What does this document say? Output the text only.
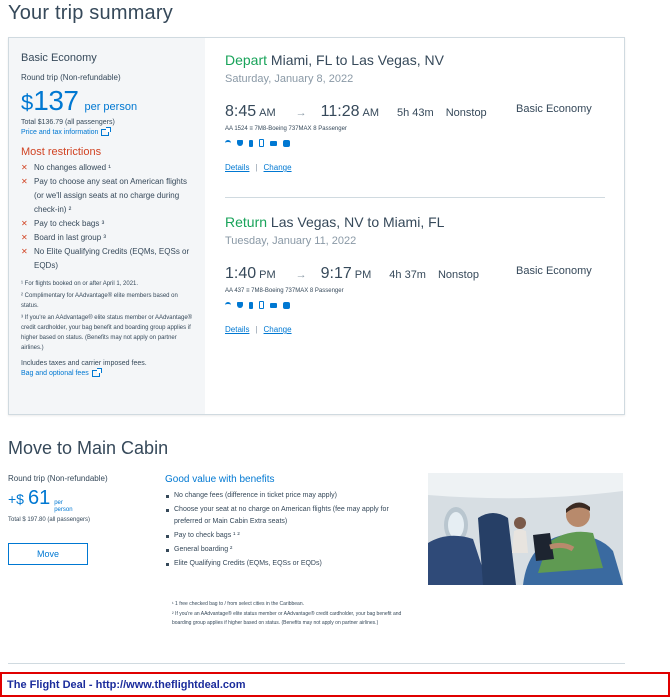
Your trip summary
Basic Economy
Round trip (Non-refundable)
$ 137 per person
Total $136.79 (all passengers)
Price and tax information
Most restrictions
✕ No changes allowed ¹
✕ Pay to choose any seat on American flights (or we'll assign seats at no charge during check-in) ²
✕ Pay to check bags ³
✕ Board in last group ³
✕ No Elite Qualifying Credits (EQMs, EQSs or EQDs)

¹ For flights booked on or after April 1, 2021.

² Complimentary for AAdvantage® elite members based on status.

³ If you're an AAdvantage® elite status member or AAdvantage® credit cardholder, your bag benefit and boarding group applies if higher based on status. (Benefits may not apply on partner airlines.)

Includes taxes and carrier imposed fees.
Bag and optional fees
Depart Miami, FL to Las Vegas, NV
Saturday, January 8, 2022
8:45 AM → 11:28 AM 5h 43m Nonstop	Basic Economy
AA 1524 ≡ 7M8-Boeing 737MAX 8 Passenger
Details | Change
Return Las Vegas, NV to Miami, FL
Tuesday, January 11, 2022
1:40 PM → 9:17 PM 4h 37m Nonstop	Basic Economy
AA 437 ≡ 7M8-Boeing 737MAX 8 Passenger
Details | Change
Move to Main Cabin
Round trip (Non-refundable)
+$ 61 per
person
Total $ 197.80 (all passengers)
Move
Good value with benefits
No change fees (difference in ticket price may apply)
Choose your seat at no charge on American flights (fee may apply for preferred or Main Cabin Extra seats)
Pay to check bags ¹ ²
General boarding ²
Elite Qualifying Credits (EQMs, EQSs or EQDs)

¹ 1 free checked bag to / from select cities in the Caribbean.

² If you're an AAdvantage® elite status member or AAdvantage® credit cardholder, your bag benefit and boarding group applies if higher based on status. (Benefits may not apply on partner airlines.)

The Flight Deal - http://www.theflightdeal.com
